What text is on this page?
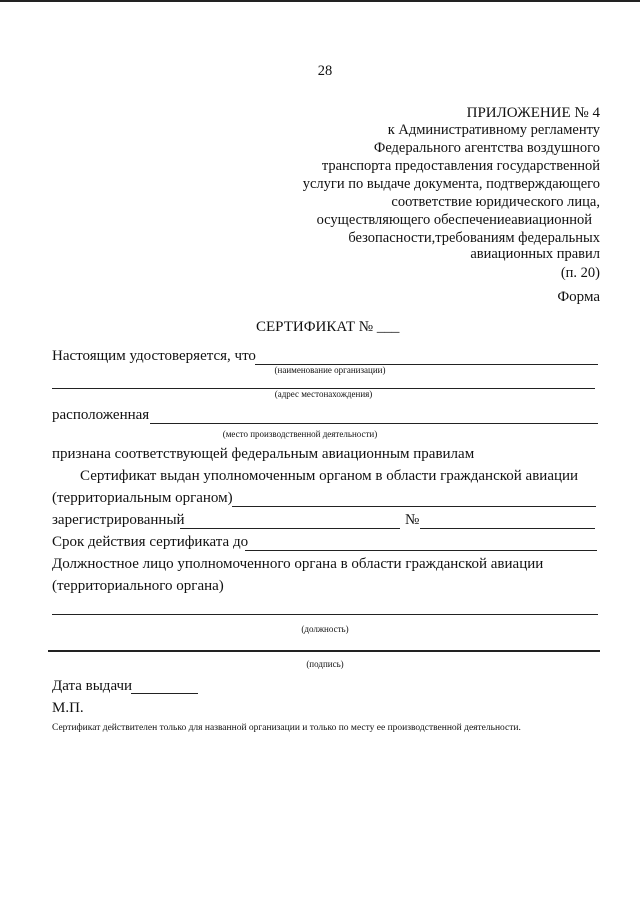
28
ПРИЛОЖЕНИЕ № 4
к Административному регламенту
Федерального агентства воздушного
транспорта предоставления государственной
услуги по выдаче документа, подтверждающего
соответствие юридического лица,
осуществляющего обеспечениеавиационной
безопасности,требованиям федеральных
авиационных правил
(п. 20)
Форма
СЕРТИФИКАТ № ___
Настоящим удостоверяется, что
(наименование организации)
(адрес местонахождения)
расположенная
(место производственной деятельности)
признана соответствующей федеральным авиационным правилам
Сертификат выдан уполномоченным органом в области гражданской авиации
(территориальным органом)
зарегистрированный	№
Срок действия сертификата до
Должностное лицо уполномоченного органа в области гражданской авиации
(территориального органа)
(должность)
(подпись)
Дата выдачи
М.П.
Сертификат действителен только для названной организации и только по месту ее производственной деятельности.
